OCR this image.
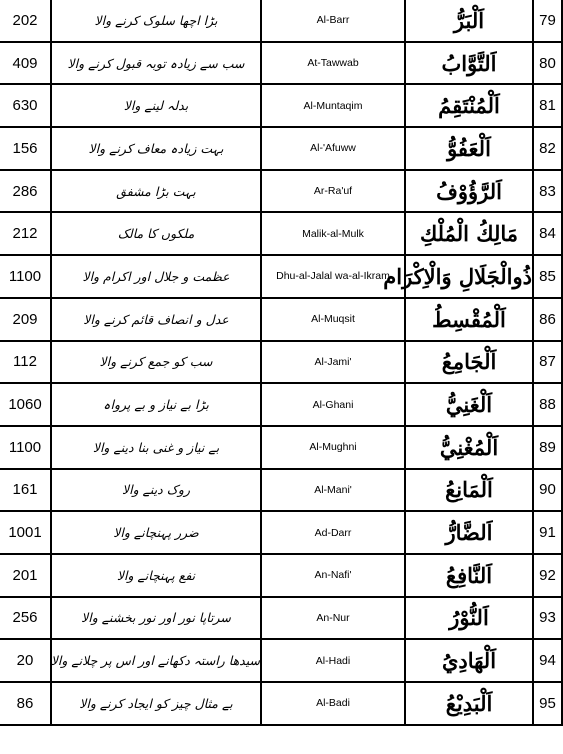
202	بڑا اچھا سلوک کرنے والا	Al-Barr	اَلْبَرُّ	79
409	سب سے زیادہ توبہ قبول کرنے والا	At-Tawwab	اَلتَّوَّابُ	80
630	بدلہ لینے والا	Al-Muntaqim	اَلْمُنْتَقِمُ	81
156	بہت زیادہ معاف کرنے والا	Al-'Afuww	اَلْعَفُوُّ	82
286	بہت بڑا مشفق	Ar-Ra'uf	اَلرَّؤُوْفُ	83
212	ملکوں کا مالک	Malik-al-Mulk	مَالِكُ الْمُلْكِ	84
1100	عظمت و جلال اور اکرام والا	Dhu-al-Jalal wa-al-Ikram	ذُوالْجَلَالِ وَالْاِكْرَام	85
209	عدل و انصاف قائم کرنے والا	Al-Muqsit	اَلْمُقْسِطُ	86
112	سب کو جمع کرنے والا	Al-Jami'	اَلْجَامِعُ	87
1060	بڑا بے نیاز و بے پرواہ	Al-Ghani	اَلْغَنِيُّ	88
1100	بے نیاز و غنی بنا دینے والا	Al-Mughni	اَلْمُغْنِيُّ	89
161	روک دینے والا	Al-Mani'	اَلْمَانِعُ	90
1001	ضرر پہنچانے والا	Ad-Darr	اَلضَّارُّ	91
201	نفع پہنچانے والا	An-Nafi'	اَلنَّافِعُ	92
256	سرتاپا نور اور نور بخشنے والا	An-Nur	اَلنُّوْرُ	93
20	سیدھا راستہ دکھانے اور اس پر چلانے والا	Al-Hadi	اَلْهَادِيُ	94
86	بے مثال چیز کو ایجاد کرنے والا	Al-Badi	اَلْبَدِيْعُ	95
